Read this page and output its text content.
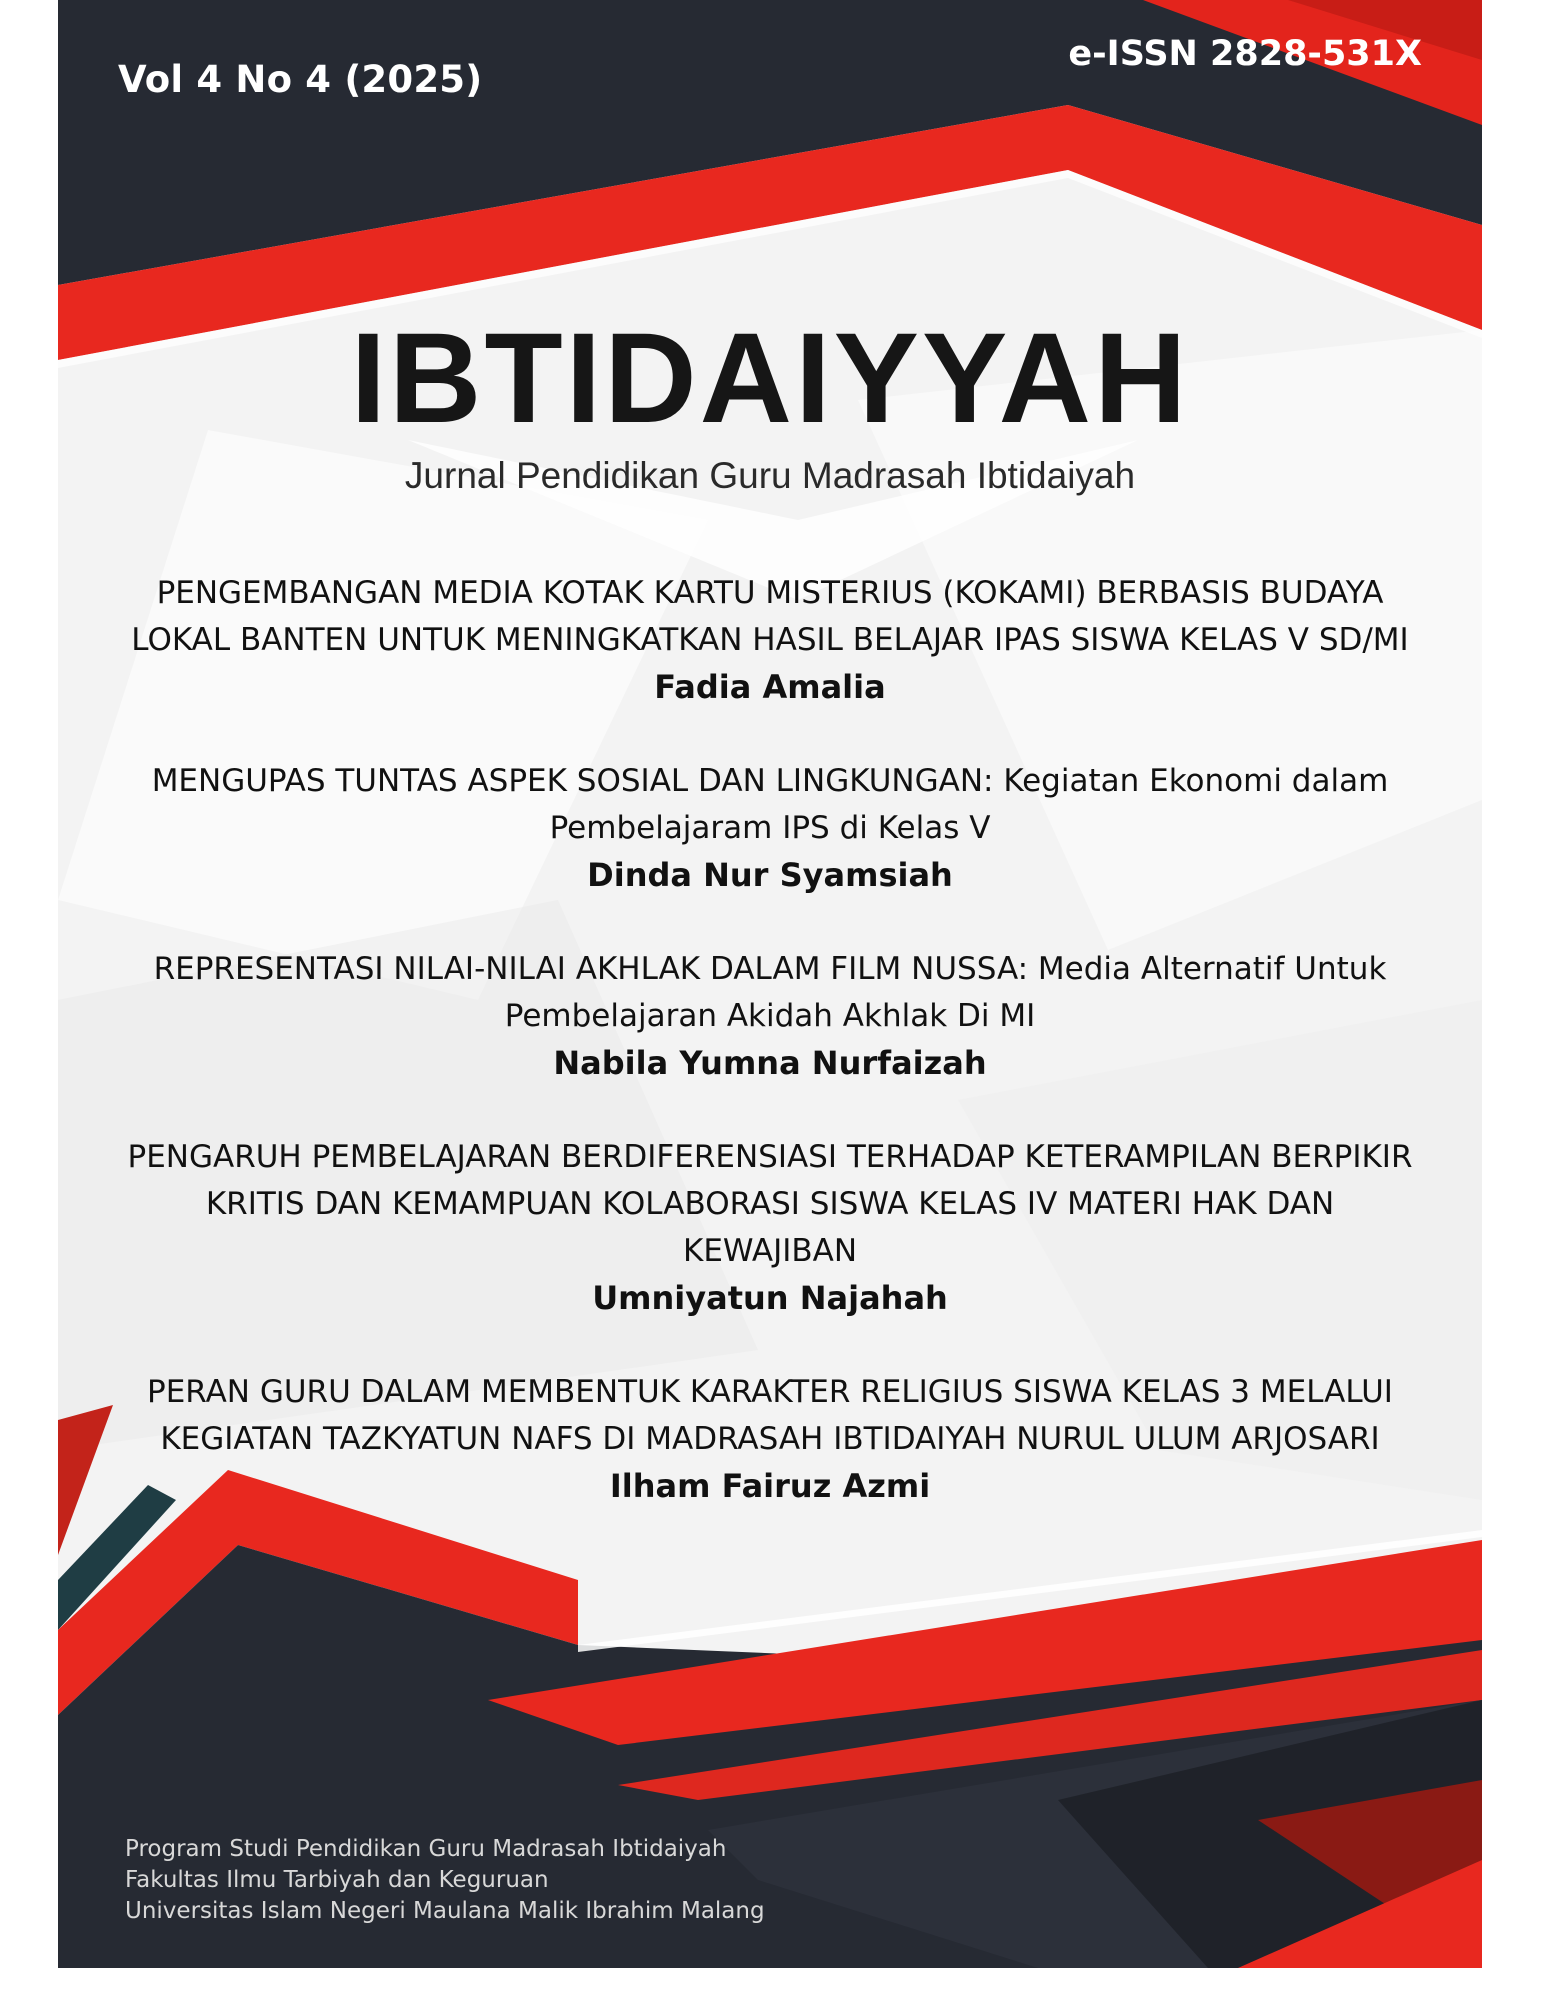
Vol 4 No 4 (2025)
e-ISSN 2828-531X
IBTIDAIYYAH
Jurnal Pendidikan Guru Madrasah Ibtidaiyah
PENGEMBANGAN MEDIA KOTAK KARTU MISTERIUS (KOKAMI) BERBASIS BUDAYA
LOKAL BANTEN UNTUK MENINGKATKAN HASIL BELAJAR IPAS SISWA KELAS V SD/MI
Fadia Amalia
MENGUPAS TUNTAS ASPEK SOSIAL DAN LINGKUNGAN: Kegiatan Ekonomi dalam
Pembelajaram IPS di Kelas V
Dinda Nur Syamsiah
REPRESENTASI NILAI-NILAI AKHLAK DALAM FILM NUSSA: Media Alternatif Untuk
Pembelajaran Akidah Akhlak Di MI
Nabila Yumna Nurfaizah
PENGARUH PEMBELAJARAN BERDIFERENSIASI TERHADAP KETERAMPILAN BERPIKIR
KRITIS DAN KEMAMPUAN KOLABORASI SISWA KELAS IV MATERI HAK DAN
KEWAJIBAN
Umniyatun Najahah
PERAN GURU DALAM MEMBENTUK KARAKTER RELIGIUS SISWA KELAS 3 MELALUI
KEGIATAN TAZKYATUN NAFS DI MADRASAH IBTIDAIYAH NURUL ULUM ARJOSARI
Ilham Fairuz Azmi
Program Studi Pendidikan Guru Madrasah Ibtidaiyah
Fakultas Ilmu Tarbiyah dan Keguruan
Universitas Islam Negeri Maulana Malik Ibrahim Malang
